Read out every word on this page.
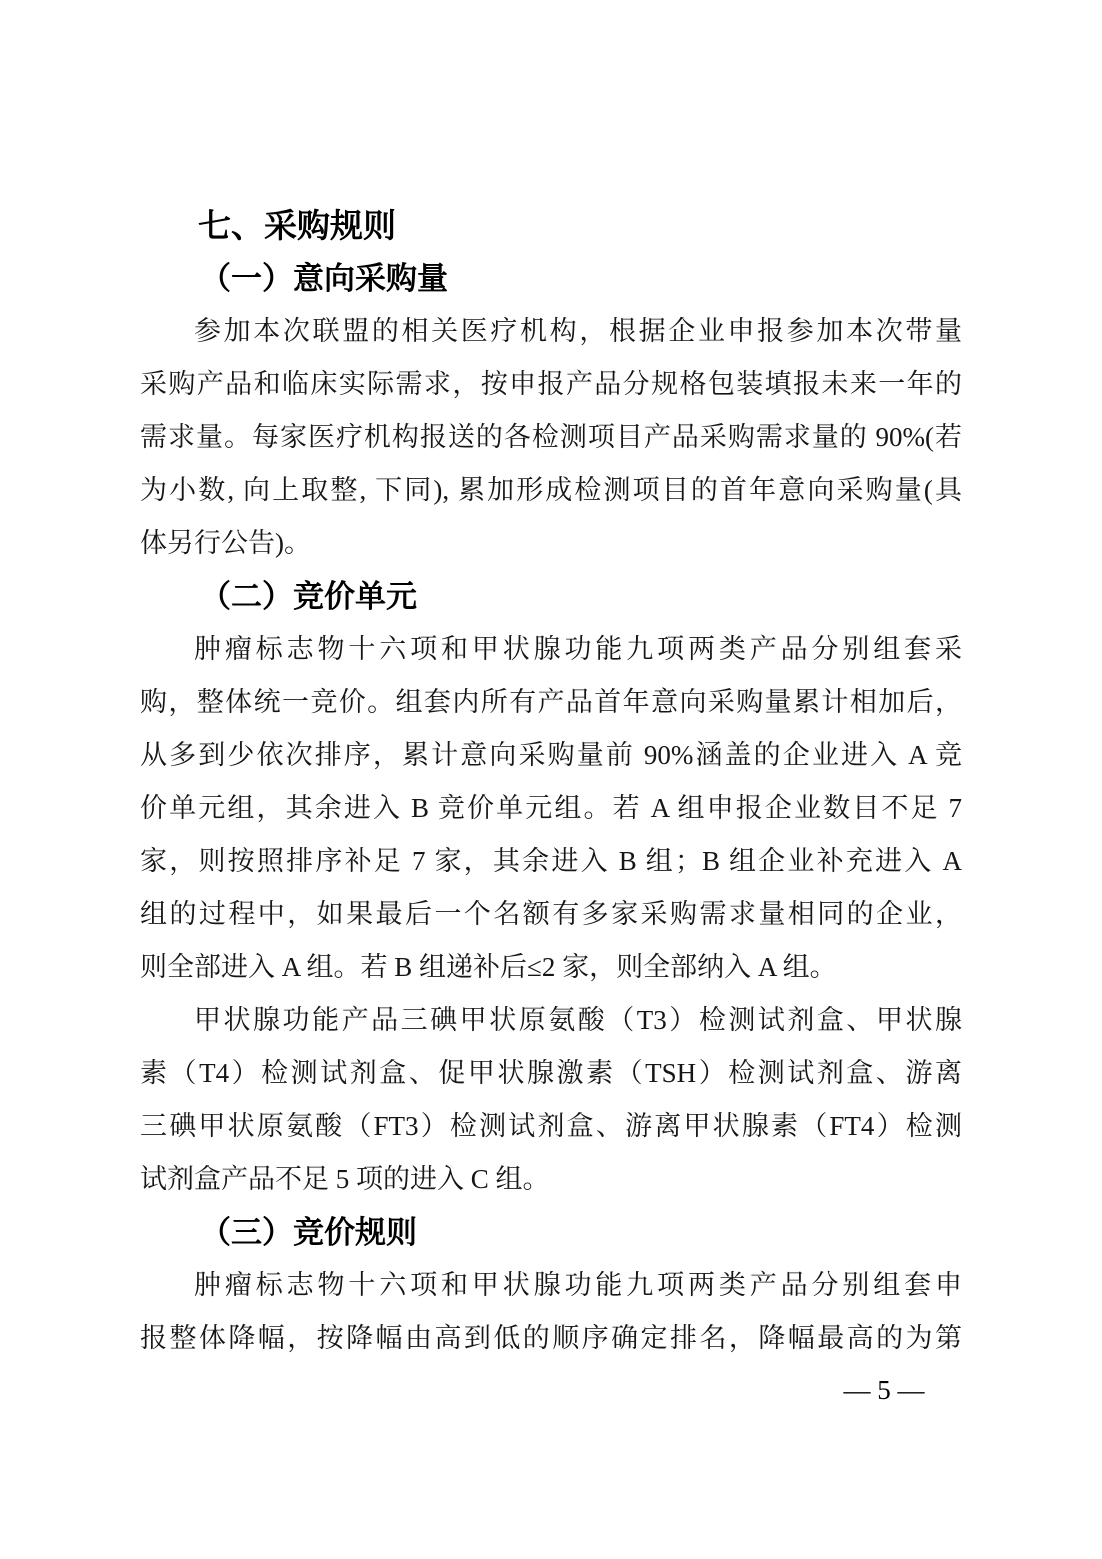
七、采购规则
（一）意向采购量
参加本次联盟的相关医疗机构，根据企业申报参加本次带量
采购产品和临床实际需求，按申报产品分规格包装填报未来一年的
需求量。每家医疗机构报送的各检测项目产品采购需求量的 90%(若
为小数, 向上取整, 下同), 累加形成检测项目的首年意向采购量(具
体另行公告)。
（二）竞价单元
肿瘤标志物十六项和甲状腺功能九项两类产品分别组套采
购，整体统一竞价。组套内所有产品首年意向采购量累计相加后，
从多到少依次排序，累计意向采购量前 90%涵盖的企业进入 A 竞
价单元组，其余进入 B 竞价单元组。若 A 组申报企业数目不足 7
家，则按照排序补足 7 家，其余进入 B 组；B 组企业补充进入 A
组的过程中，如果最后一个名额有多家采购需求量相同的企业，
则全部进入 A 组。若 B 组递补后≤2 家，则全部纳入 A 组。
甲状腺功能产品三碘甲状原氨酸（T3）检测试剂盒、甲状腺
素（T4）检测试剂盒、促甲状腺激素（TSH）检测试剂盒、游离
三碘甲状原氨酸（FT3）检测试剂盒、游离甲状腺素（FT4）检测
试剂盒产品不足 5 项的进入 C 组。
（三）竞价规则
肿瘤标志物十六项和甲状腺功能九项两类产品分别组套申
报整体降幅，按降幅由高到低的顺序确定排名，降幅最高的为第
— 5 —
